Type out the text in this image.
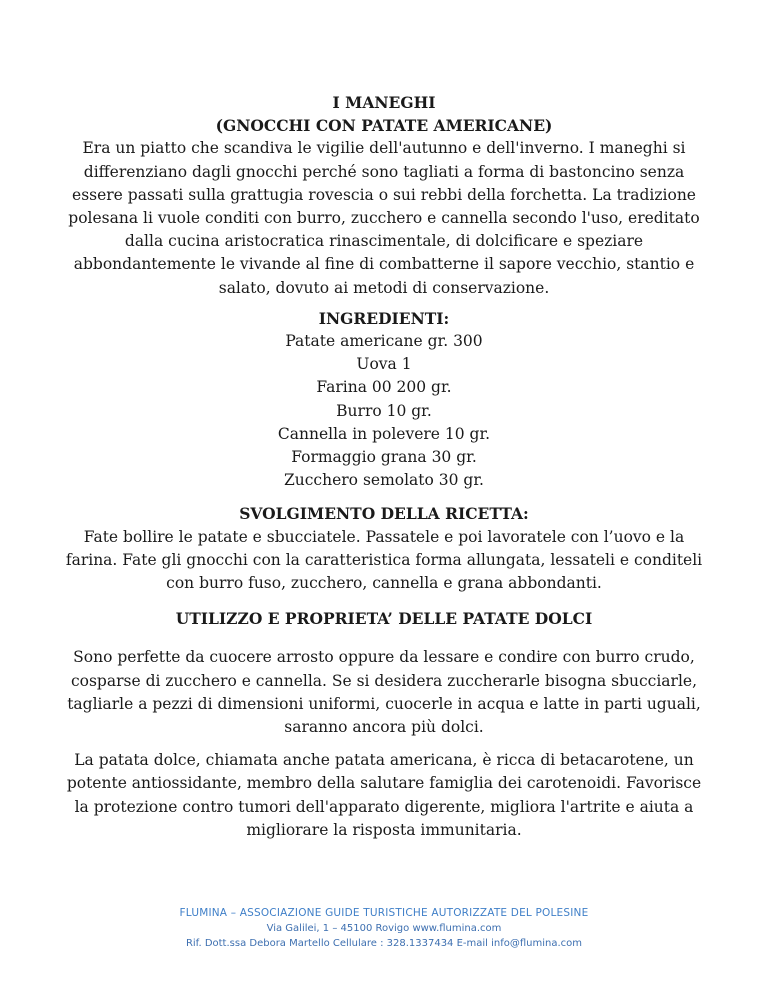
I MANEGHI
(GNOCCHI CON PATATE AMERICANE)

Era un piatto che scandiva le vigilie dell'autunno e dell'inverno. I maneghi si differenziano dagli gnocchi perché sono tagliati a forma di bastoncino senza essere passati sulla grattugia rovescia o sui rebbi della forchetta. La tradizione polesana li vuole conditi con burro, zucchero e cannella secondo l'uso, ereditato dalla cucina aristocratica rinascimentale, di dolcificare e speziare abbondantemente le vivande al fine di combatterne il sapore vecchio, stantio e salato, dovuto ai metodi di conservazione.

INGREDIENTI:
Patate americane gr. 300
Uova 1
Farina 00 200 gr.
Burro 10 gr.
Cannella in polevere 10 gr.
Formaggio grana 30 gr.
Zucchero semolato 30 gr.
SVOLGIMENTO DELLA RICETTA:

Fate bollire le patate e sbucciatele. Passatele e poi lavoratele con l’uovo e la farina. Fate gli gnocchi con la caratteristica forma allungata, lessateli e conditeli con burro fuso, zucchero, cannella e grana abbondanti.

UTILIZZO E PROPRIETA’ DELLE PATATE DOLCI

Sono perfette da cuocere arrosto oppure da lessare e condire con burro crudo, cosparse di zucchero e cannella. Se si desidera zuccherarle bisogna sbucciarle, tagliarle a pezzi di dimensioni uniformi, cuocerle in acqua e latte in parti uguali, saranno ancora più dolci.

La patata dolce, chiamata anche patata americana, è ricca di betacarotene, un potente antiossidante, membro della salutare famiglia dei carotenoidi. Favorisce la protezione contro tumori dell'apparato digerente, migliora l'artrite e aiuta a migliorare la risposta immunitaria.

FLUMINA – ASSOCIAZIONE GUIDE TURISTICHE AUTORIZZATE DEL POLESINE
Via Galilei, 1 – 45100 Rovigo www.flumina.com
Rif. Dott.ssa Debora Martello Cellulare : 328.1337434 E-mail info@flumina.com
